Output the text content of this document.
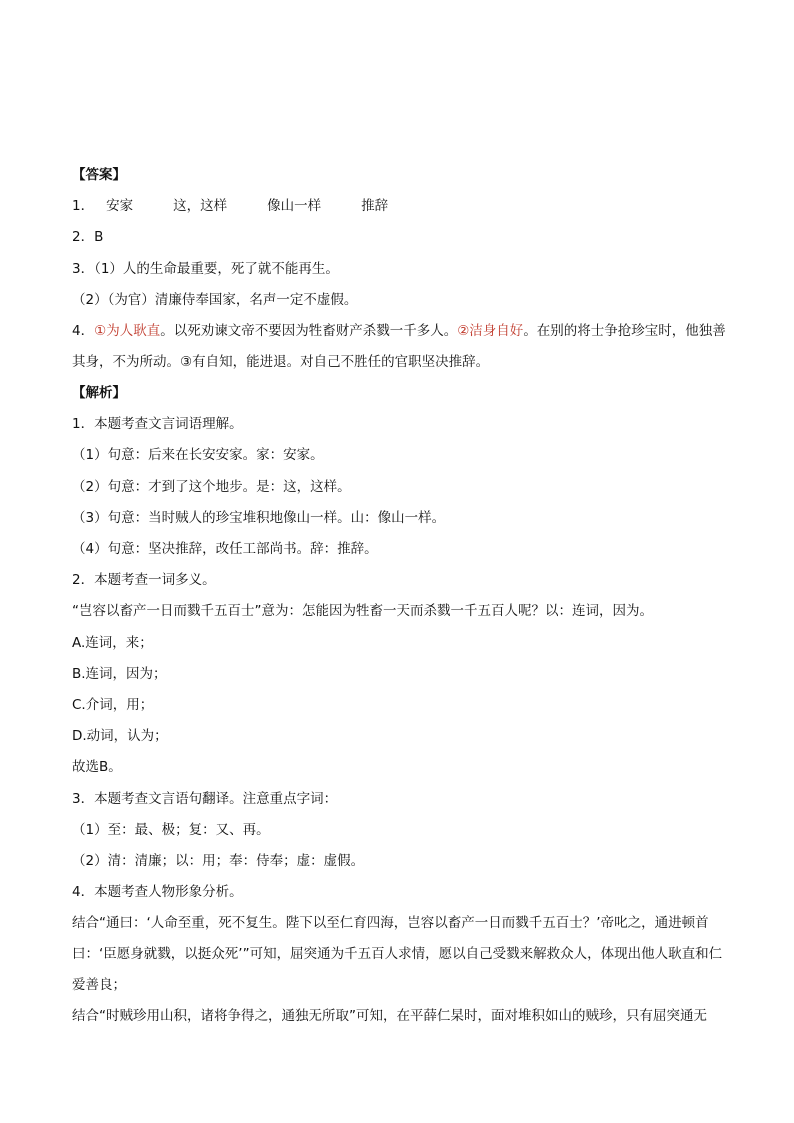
【答案】
1． 安家	这，这样	像山一样	推辞
2．B
3．（1）人的生命最重要，死了就不能再生。
（2）（为官）清廉侍奉国家，名声一定不虚假。
4．①为人耿直。以死劝谏文帝不要因为牲畜财产杀戮一千多人。②洁身自好。在别的将士争抢珍宝时，他独善其身，不为所动。③有自知，能进退。对自己不胜任的官职坚决推辞。
【解析】
1．本题考查文言词语理解。
（1）句意：后来在长安安家。家：安家。
（2）句意：才到了这个地步。是：这，这样。
（3）句意：当时贼人的珍宝堆积地像山一样。山：像山一样。
（4）句意：坚决推辞，改任工部尚书。辞：推辞。
2．本题考查一词多义。
“岂容以畜产一日而戮千五百士”意为：怎能因为牲畜一天而杀戮一千五百人呢？以：连词，因为。
A.连词，来；
B.连词，因为；
C.介词，用；
D.动词，认为；
故选B。
3．本题考查文言语句翻译。注意重点字词：
（1）至：最、极；复：又、再。
（2）清：清廉；以：用；奉：侍奉；虚：虚假。
4．本题考查人物形象分析。
结合“通曰：‘人命至重，死不复生。陛下以至仁育四海，岂容以畜产一日而戮千五百士？’帝叱之，通进顿首曰：‘臣愿身就戮，以挺众死’”可知，屈突通为千五百人求情，愿以自己受戮来解救众人，体现出他人耿直和仁爱善良；
结合“时贼珍用山积，诸将争得之，通独无所取”可知，在平薛仁杲时，面对堆积如山的贼珍，只有屈突通无
